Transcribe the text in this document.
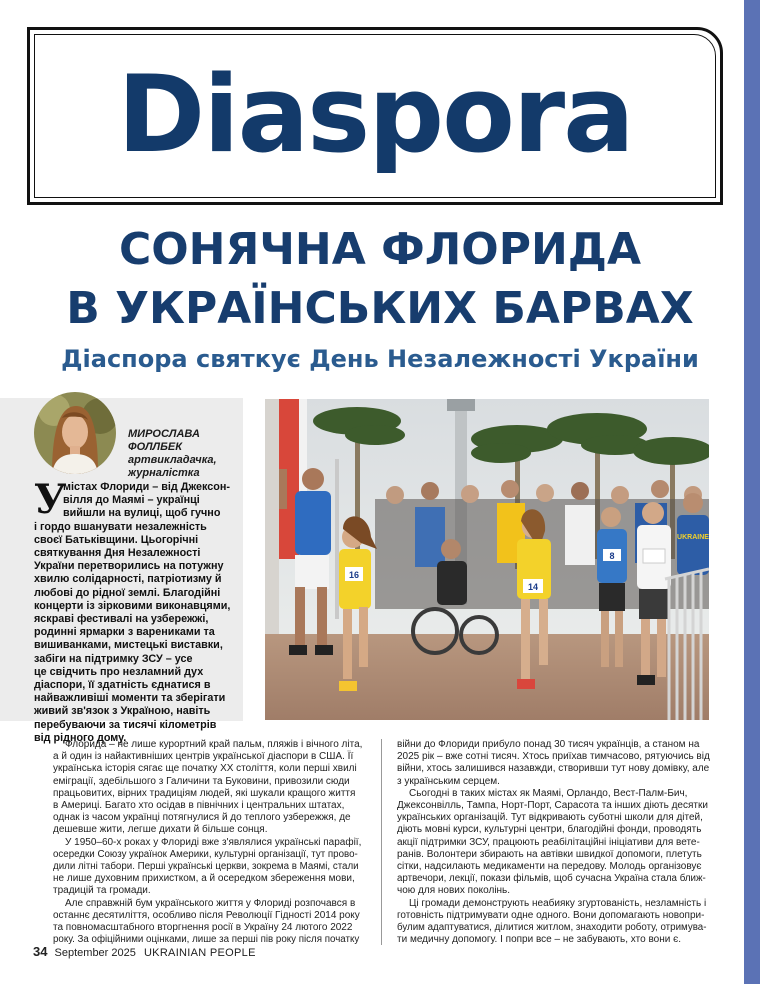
Diaspora
СОНЯЧНА ФЛОРИДА
В УКРАЇНСЬКИХ БАРВАХ
Діаспора святкує День Незалежності України
МИРОСЛАВА
ФОЛЛБЕК
артвикладачка,
журналістка
У
містах Флориди – від Джексон-
вілля до Маямі – українці
вийшли на вулиці, щоб гучно
і гордо вшанувати незалежність
своєї Батьківщини. Цьогорічні
святкування Дня Незалежності
України перетворились на потужну
хвилю солідарності, патріотизму й
любові до рідної землі. Благодійні
концерти із зірковими виконавцями,
яскраві фестивалі на узбережжі,
родинні ярмарки з варениками та
вишиванками, мистецькі виставки,
забіги на підтримку ЗСУ – усе
це свідчить про незламний дух
діаспори, її здатність єднатися в
найважливіші моменти та зберігати
живий зв'язок з Україною, навіть
перебуваючи за тисячі кілометрів
від рідного дому.
16
14
8
UKRAINE
Флорида – не лише курортний край пальм, пляжів і вічного літа,
а й один із найактивніших центрів української діаспори в США. Її
українська історія сягає ще початку XX століття, коли перші хвилі
еміграції, здебільшого з Галичини та Буковини, привозили сюди
працьовитих, вірних традиціям людей, які шукали кращого життя
в Америці. Багато хто осідав в північних і центральних штатах,
однак із часом українці потягнулися й до теплого узбережжя, де
дешевше жити, легше дихати й більше сонця.
У 1950–60-х роках у Флориді вже з'являлися українські парафії,
осередки Союзу українок Америки, культурні організації, тут прово-
дили літні табори. Перші українські церкви, зокрема в Маямі, стали
не лише духовним прихистком, а й осередком збереження мови,
традицій та громади.
Але справжній бум українського життя у Флориді розпочався в
останнє десятиліття, особливо після Революції Гідності 2014 року
та повномасштабного вторгнення росії в Україну 24 лютого 2022
року. За офіційними оцінками, лише за перші пів року після початку
війни до Флориди прибуло понад 30 тисяч українців, а станом на
2025 рік – вже сотні тисяч. Хтось приїхав тимчасово, рятуючись від
війни, хтось залишився назавжди, створивши тут нову домівку, але
з українським серцем.
Сьогодні в таких містах як Маямі, Орландо, Вест-Палм-Бич,
Джексонвілль, Тампа, Норт-Порт, Сарасота та інших діють десятки
українських організацій. Тут відкривають суботні школи для дітей,
діють мовні курси, культурні центри, благодійні фонди, проводять
акції підтримки ЗСУ, працюють реабілітаційні ініціативи для вете-
ранів. Волонтери збирають на автівки швидкої допомоги, плетуть
сітки, надсилають медикаменти на передову. Молодь організовує
артвечори, лекції, покази фільмів, щоб сучасна Україна стала ближ-
чою для нових поколінь.
Ці громади демонструють неабияку згуртованість, незламність і
готовність підтримувати одне одного. Вони допомагають новопри-
булим адаптуватися, ділитися житлом, знаходити роботу, отримува-
ти медичну допомогу. І попри все – не забувають, хто вони є.
34 September 2025 UKRAINIAN PEOPLE
